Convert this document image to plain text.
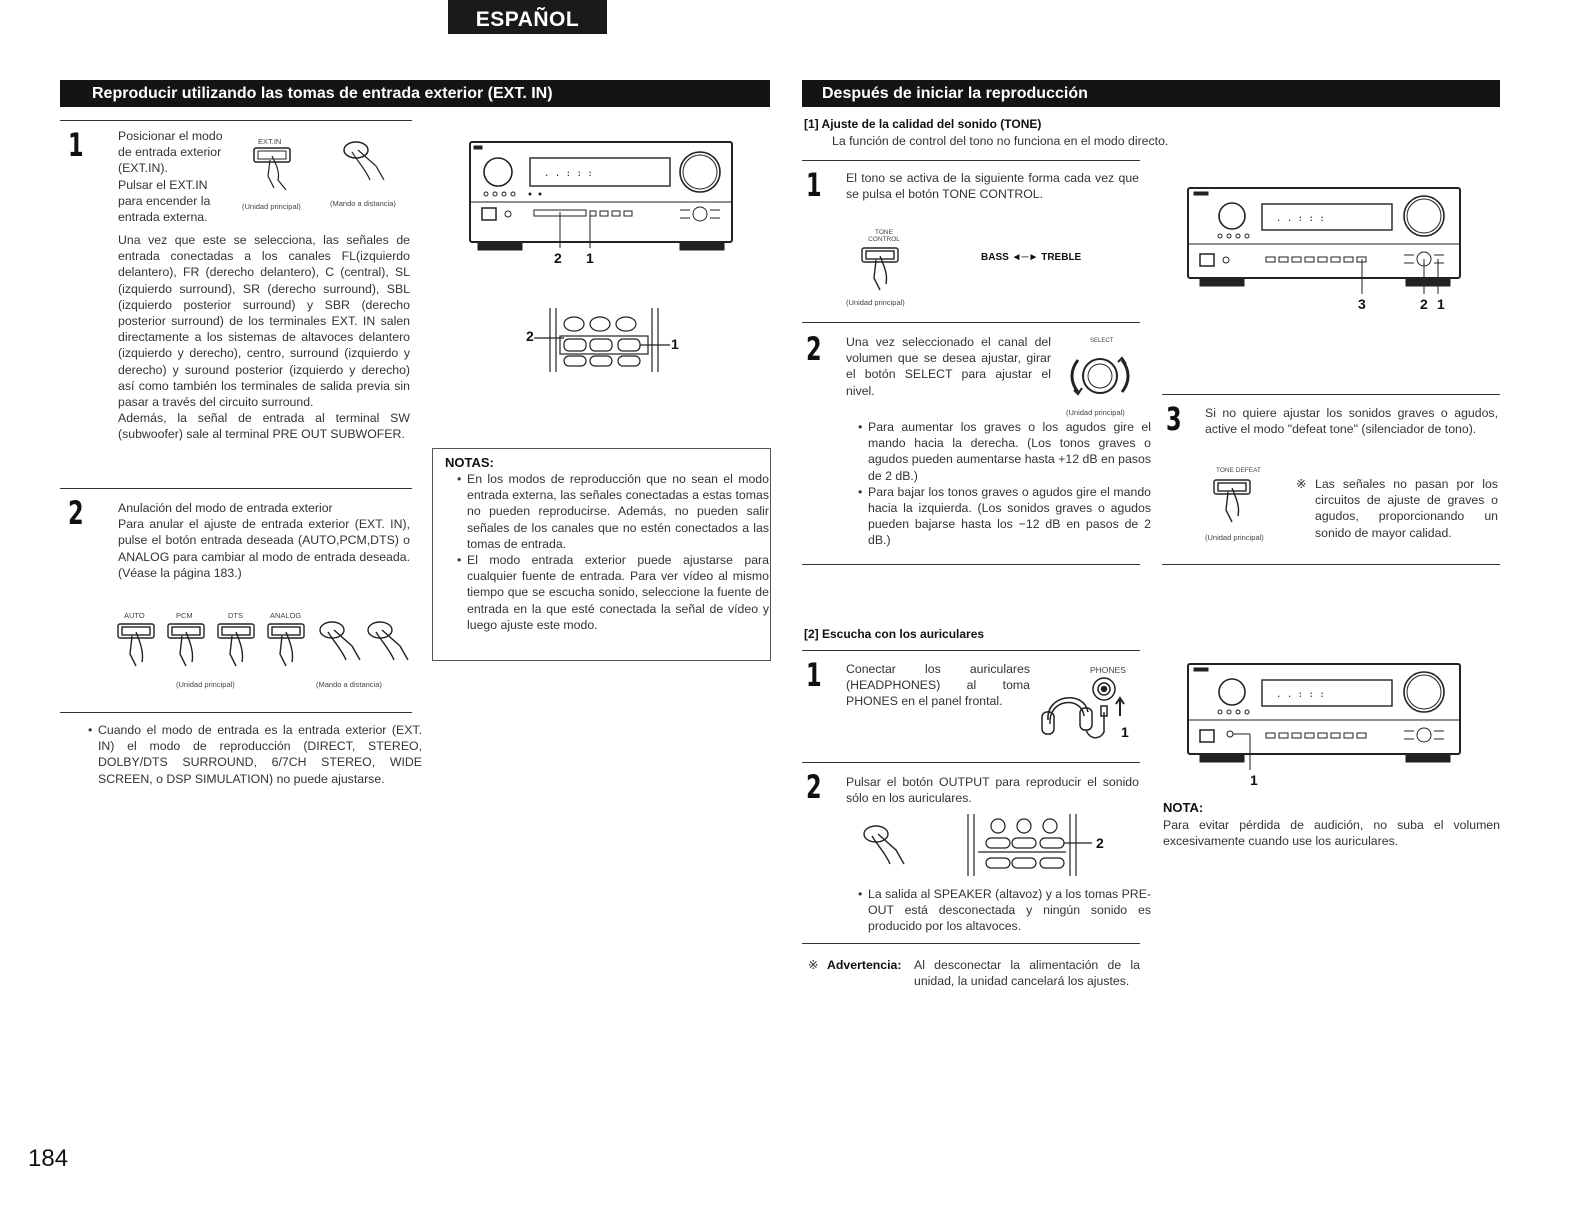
ESPAÑOL
Reproducir utilizando las tomas de entrada exterior (EXT. IN)
1	Posicionar el modo
de entrada exterior
(EXT.IN).
Pulsar el EXT.IN
para encender la
entrada externa.
EXT.IN
(Unidad principal)	(Mando a distancia)
Una vez que este se selecciona, las señales de entrada conectadas a los canales FL(izquierdo delantero), FR (derecho delantero), C (central), SL (izquierdo surround), SR (derecho surround), SBL (izquierdo posterior surround) y SBR (derecho posterior surround) de los terminales EXT. IN salen directamente a los sistemas de altavoces delantero (izquierdo y derecho), centro, surround (izquierdo y derecho) y suround posterior (izquierdo y derecho) así como también los terminales de salida previa sin pasar a través del circuito surround.
Además, la señal de entrada al terminal SW (subwoofer) sale al terminal PRE OUT SUBWOFER.
2	Anulación del modo de entrada exterior
Para anular el ajuste de entrada exterior (EXT. IN), pulse el botón entrada deseada (AUTO,PCM,DTS) o ANALOG para cambiar al modo de entrada deseada. (Véase la página 183.)
AUTO	PCM	DTS	ANALOG
(Unidad principal)	(Mando a distancia)
• Cuando el modo de entrada es la entrada exterior (EXT. IN) el modo de reproducción (DIRECT, STEREO, DOLBY/DTS SURROUND, 6/7CH STEREO, WIDE SCREEN, o DSP SIMULATION) no puede ajustarse.
. . : : :
2 1
2	1
NOTAS:
• En los modos de reproducción que no sean el modo entrada externa, las señales conectadas a estas tomas no pueden reproducirse. Además, no pueden salir señales de los canales que no estén conectados a las tomas de entrada.
• El modo entrada exterior puede ajustarse para cualquier fuente de entrada. Para ver vídeo al mismo tiempo que se escucha sonido, seleccione la fuente de entrada en la que esté conectada la señal de vídeo y luego ajuste este modo.
Después de iniciar la reproducción
[1] Ajuste de la calidad del sonido (TONE)
La función de control del tono no funciona en el modo directo.
1 El tono se activa de la siguiente forma cada vez que se pulsa el botón TONE CONTROL.
TONE CONTROL
BASS ◄─► TREBLE
(Unidad principal)
2 Una vez seleccionado el canal del volumen que se desea ajustar, girar el botón SELECT para ajustar el nivel.
SELECT
(Unidad principal)
• Para aumentar los graves o los agudos gire el mando hacia la derecha. (Los tonos graves o agudos pueden aumentarse hasta +12 dB en pasos de 2 dB.)
• Para bajar los tonos graves o agudos gire el mando hacia la izquierda. (Los sonidos graves o agudos pueden bajarse hasta los −12 dB en pasos de 2 dB.)
. . : : :
3	2 1
3 Si no quiere ajustar los sonidos graves o agudos, active el modo "defeat tone" (silenciador de tono).
TONE DEFEAT
(Unidad principal)
※ Las señales no pasan por los circuitos de ajuste de graves o agudos, proporcionando un sonido de mayor calidad.
[2] Escucha con los auriculares
1 Conectar los auriculares (HEADPHONES) al toma PHONES en el panel frontal.
PHONES
1
2 Pulsar el botón OUTPUT para reproducir el sonido sólo en los auriculares.
2
• La salida al SPEAKER (altavoz) y a los tomas PRE-OUT está desconectada y ningún sonido es producido por los altavoces.
※ Advertencia: Al desconectar la alimentación de la unidad, la unidad cancelará los ajustes.
. . : : :
1
NOTA:
Para evitar pérdida de audición, no suba el volumen excesivamente cuando use los auriculares.
184
